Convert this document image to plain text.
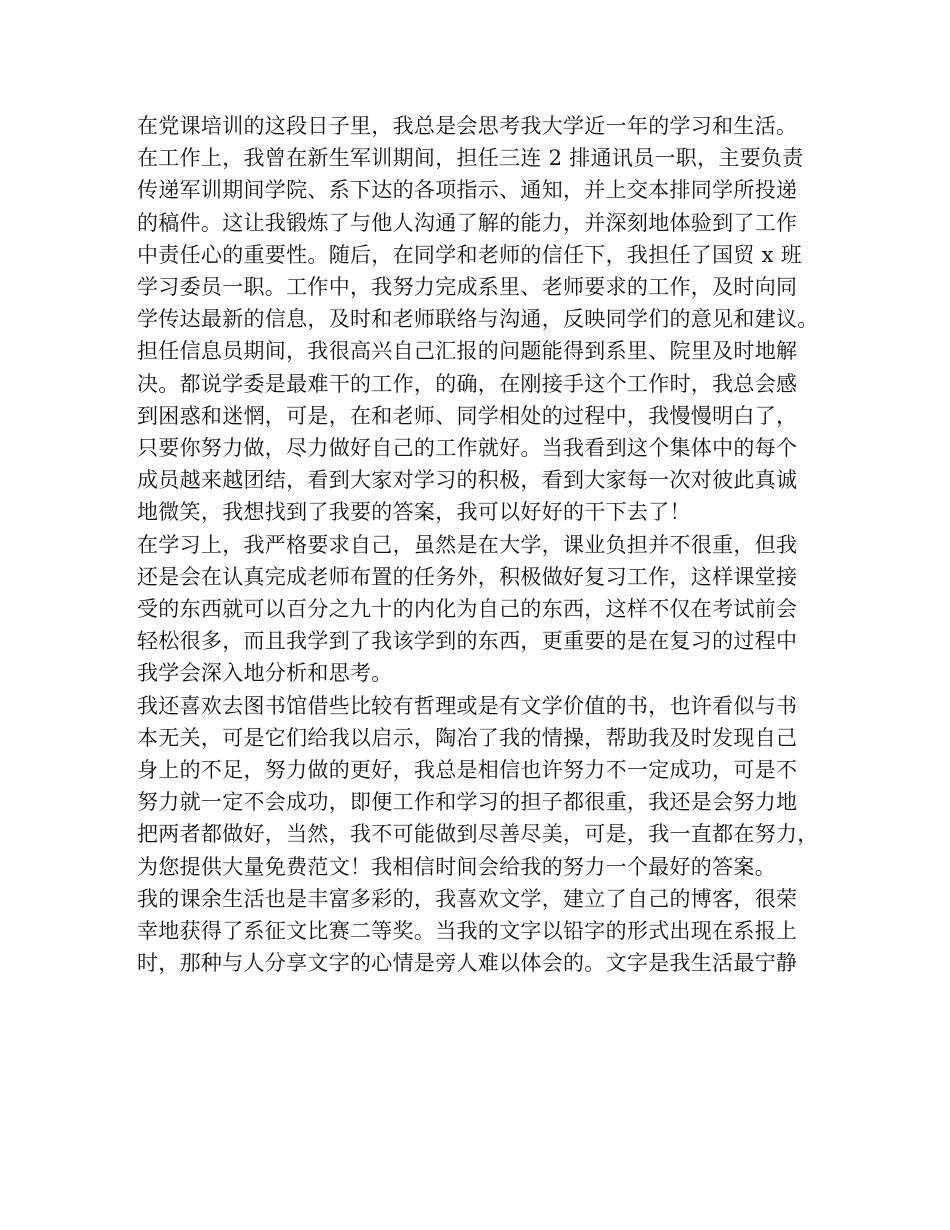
在党课培训的这段日子里，我总是会思考我大学近一年的学习和生活。
在工作上，我曾在新生军训期间，担任三连 2 排通讯员一职，主要负责
传递军训期间学院、系下达的各项指示、通知，并上交本排同学所投递
的稿件。这让我锻炼了与他人沟通了解的能力，并深刻地体验到了工作
中责任心的重要性。随后，在同学和老师的信任下，我担任了国贸 x 班
学习委员一职。工作中，我努力完成系里、老师要求的工作，及时向同
学传达最新的信息，及时和老师联络与沟通，反映同学们的意见和建议。
担任信息员期间，我很高兴自己汇报的问题能得到系里、院里及时地解
决。都说学委是最难干的工作，的确，在刚接手这个工作时，我总会感
到困惑和迷惘，可是，在和老师、同学相处的过程中，我慢慢明白了，
只要你努力做，尽力做好自己的工作就好。当我看到这个集体中的每个
成员越来越团结，看到大家对学习的积极，看到大家每一次对彼此真诚
地微笑，我想找到了我要的答案，我可以好好的干下去了！
在学习上，我严格要求自己，虽然是在大学，课业负担并不很重，但我
还是会在认真完成老师布置的任务外，积极做好复习工作，这样课堂接
受的东西就可以百分之九十的内化为自己的东西，这样不仅在考试前会
轻松很多，而且我学到了我该学到的东西，更重要的是在复习的过程中
我学会深入地分析和思考。
我还喜欢去图书馆借些比较有哲理或是有文学价值的书，也许看似与书
本无关，可是它们给我以启示，陶冶了我的情操，帮助我及时发现自己
身上的不足，努力做的更好，我总是相信也许努力不一定成功，可是不
努力就一定不会成功，即便工作和学习的担子都很重，我还是会努力地
把两者都做好，当然，我不可能做到尽善尽美，可是，我一直都在努力，
为您提供大量免费范文！我相信时间会给我的努力一个最好的答案。
我的课余生活也是丰富多彩的，我喜欢文学，建立了自己的博客，很荣
幸地获得了系征文比赛二等奖。当我的文字以铅字的形式出现在系报上
时，那种与人分享文字的心情是旁人难以体会的。文字是我生活最宁静
